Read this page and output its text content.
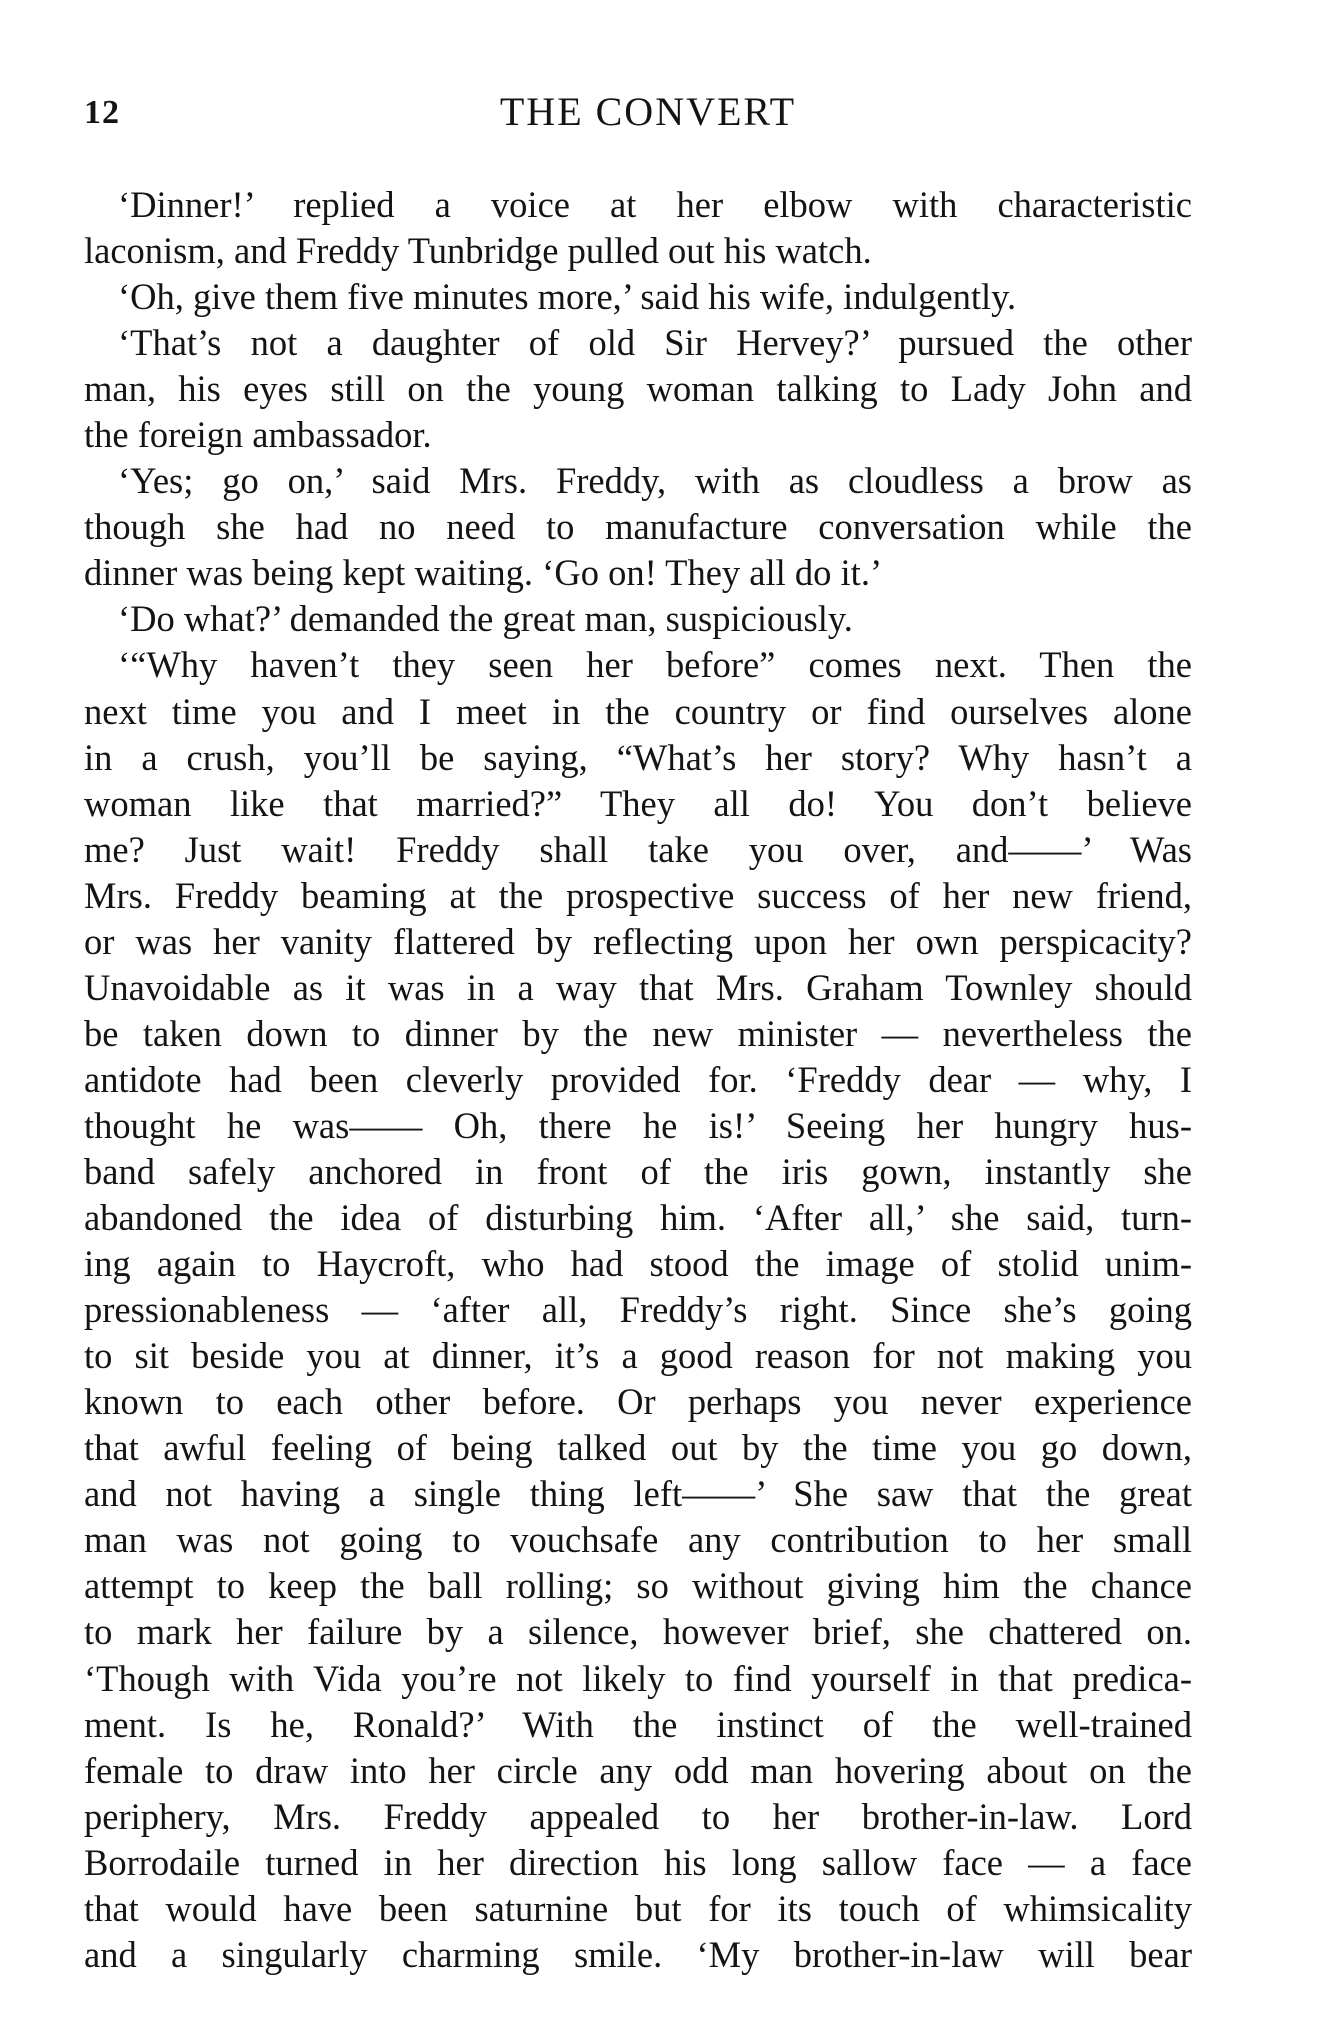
12	THE CONVERT
‘Dinner!’ replied a voice at her elbow with characteristic
laconism, and Freddy Tunbridge pulled out his watch.
‘Oh, give them five minutes more,’ said his wife, indulgently.
‘That’s not a daughter of old Sir Hervey?’ pursued the other
man, his eyes still on the young woman talking to Lady John and
the foreign ambassador.
‘Yes; go on,’ said Mrs. Freddy, with as cloudless a brow as
though she had no need to manufacture conversation while the
dinner was being kept waiting. ‘Go on! They all do it.’
‘Do what?’ demanded the great man, suspiciously.
‘“Why haven’t they seen her before” comes next. Then the
next time you and I meet in the country or find ourselves alone
in a crush, you’ll be saying, “What’s her story? Why hasn’t a
woman like that married?” They all do! You don’t believe
me? Just wait! Freddy shall take you over, and——’ Was
Mrs. Freddy beaming at the prospective success of her new friend,
or was her vanity flattered by reflecting upon her own perspicacity?
Unavoidable as it was in a way that Mrs. Graham Townley should
be taken down to dinner by the new minister — nevertheless the
antidote had been cleverly provided for. ‘Freddy dear — why, I
thought he was—— Oh, there he is!’ Seeing her hungry hus-
band safely anchored in front of the iris gown, instantly she
abandoned the idea of disturbing him. ‘After all,’ she said, turn-
ing again to Haycroft, who had stood the image of stolid unim-
pressionableness — ‘after all, Freddy’s right. Since she’s going
to sit beside you at dinner, it’s a good reason for not making you
known to each other before. Or perhaps you never experience
that awful feeling of being talked out by the time you go down,
and not having a single thing left——’ She saw that the great
man was not going to vouchsafe any contribution to her small
attempt to keep the ball rolling; so without giving him the chance
to mark her failure by a silence, however brief, she chattered on.
‘Though with Vida you’re not likely to find yourself in that predica-
ment. Is he, Ronald?’ With the instinct of the well-trained
female to draw into her circle any odd man hovering about on the
periphery, Mrs. Freddy appealed to her brother-in-law. Lord
Borrodaile turned in her direction his long sallow face — a face
that would have been saturnine but for its touch of whimsicality
and a singularly charming smile. ‘My brother-in-law will bear
